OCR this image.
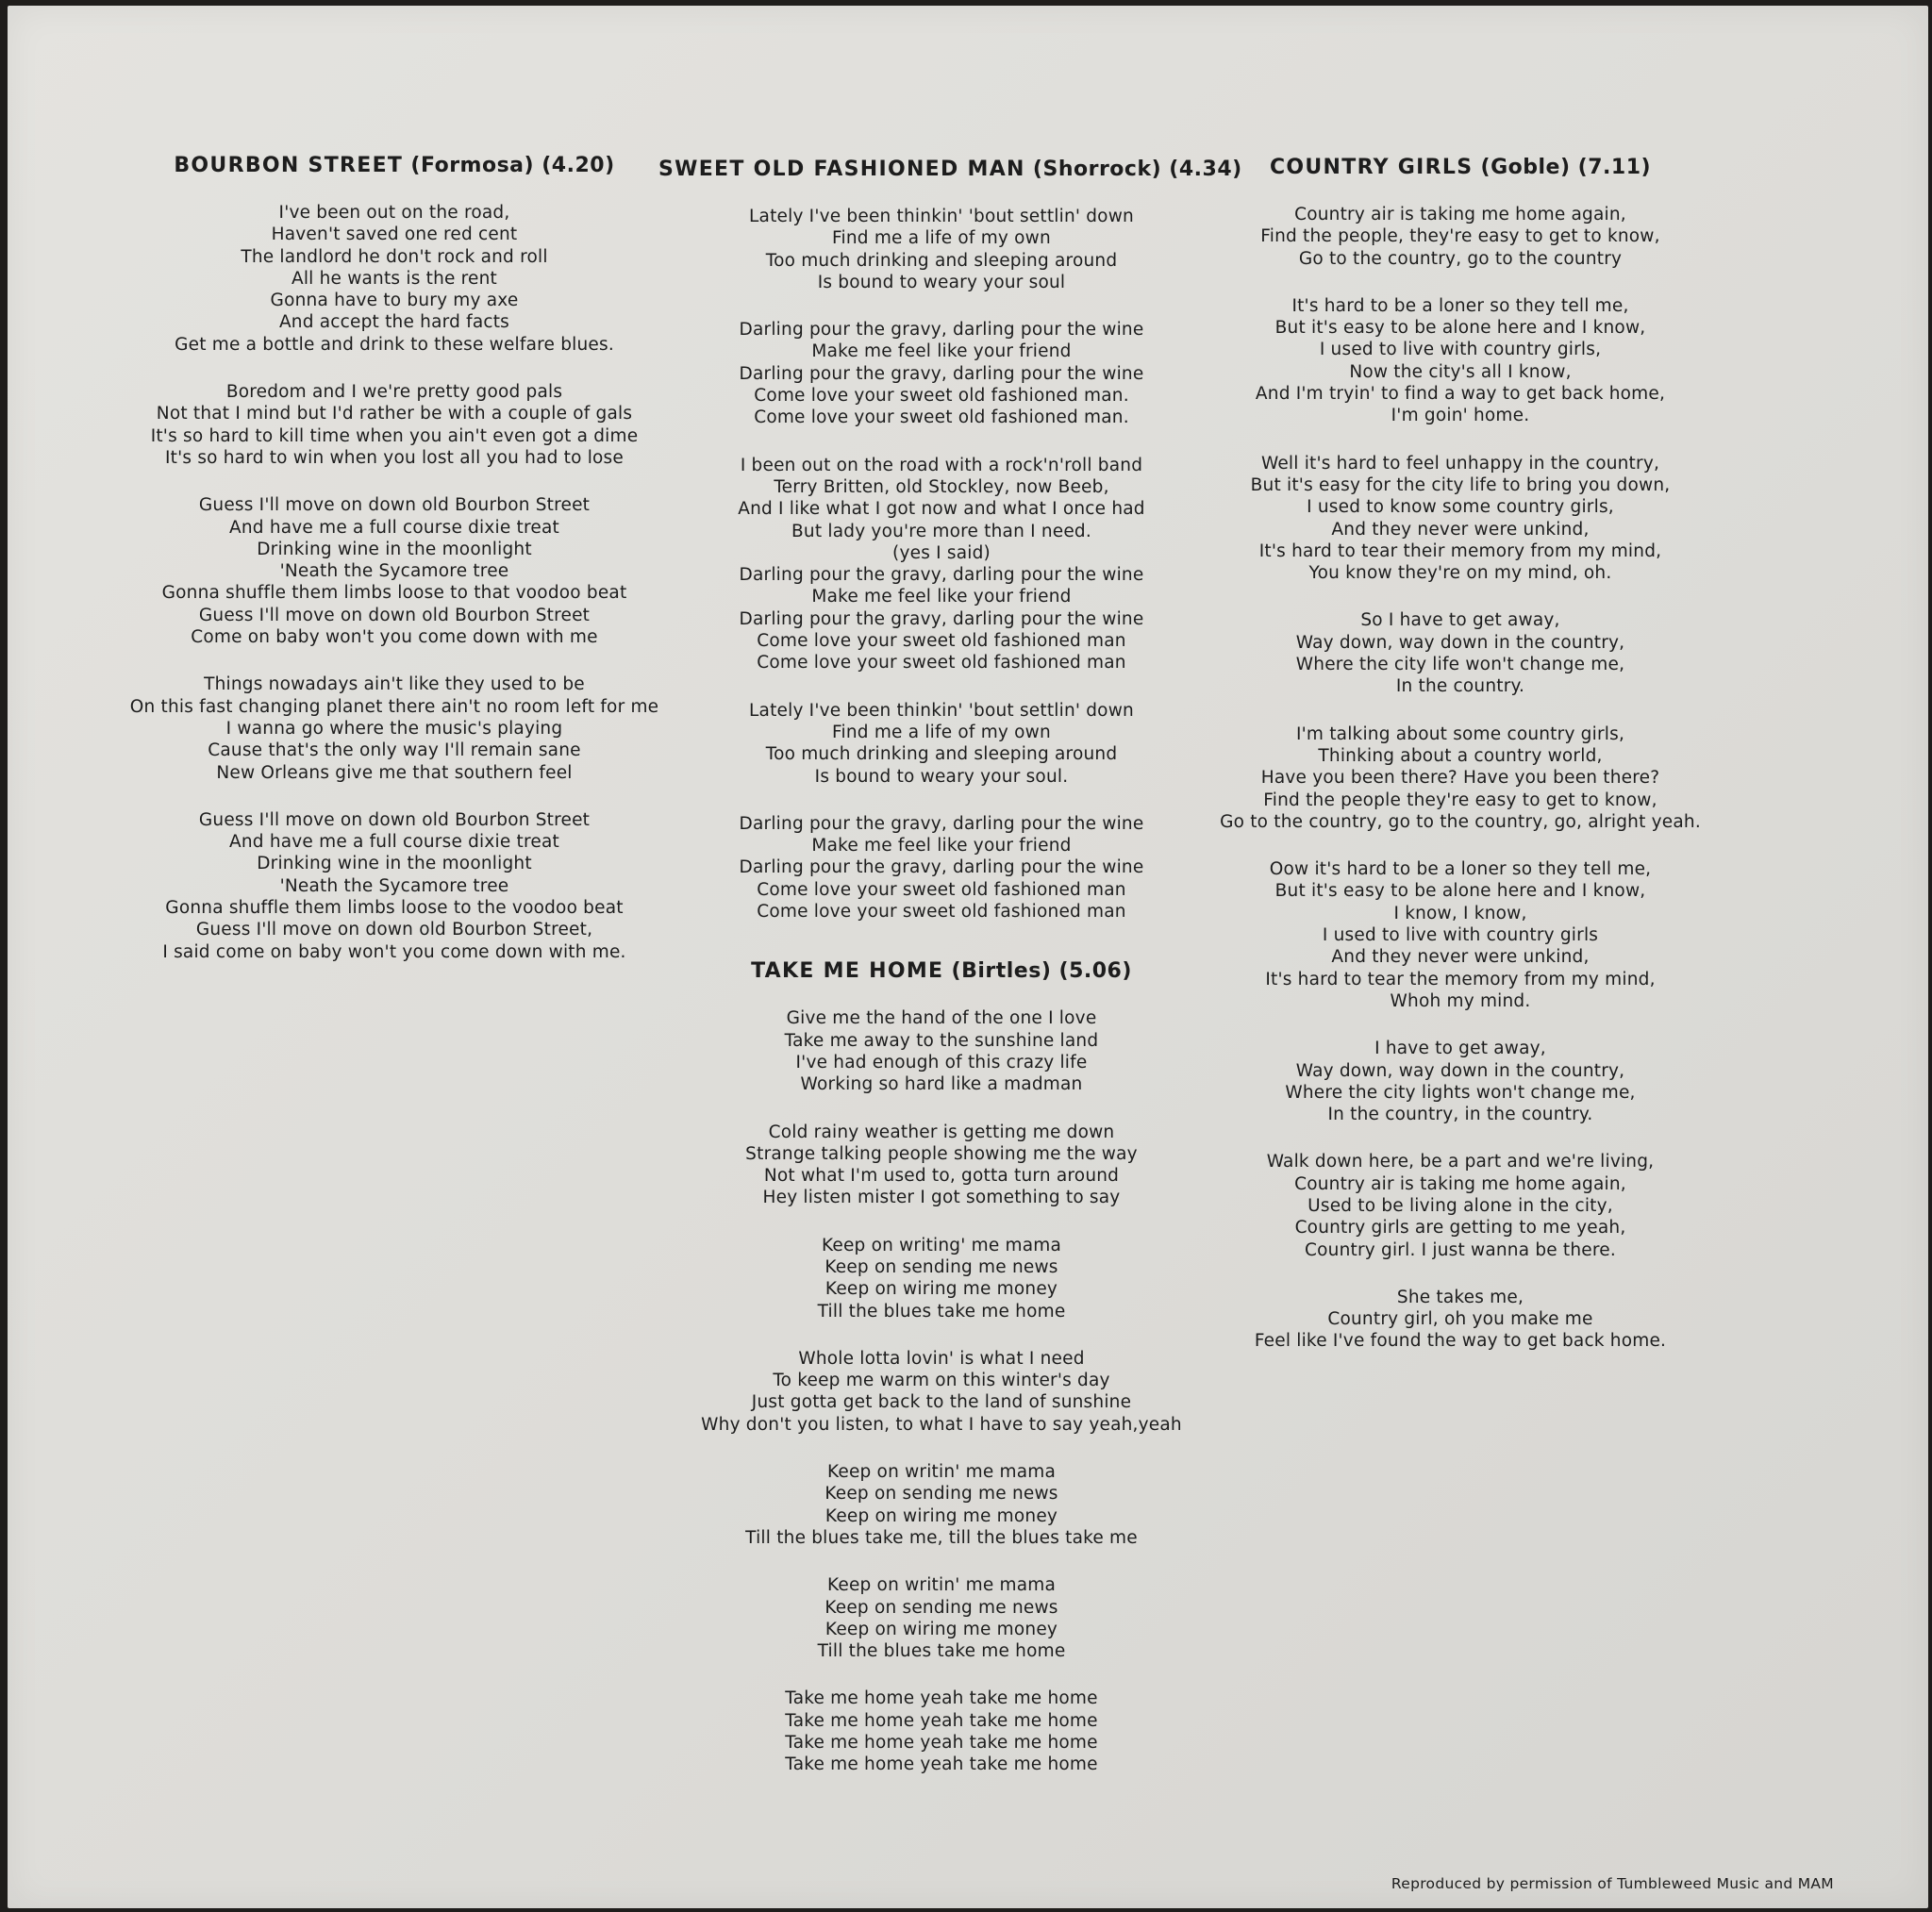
BOURBON STREET (Formosa) (4.20)
I've been out on the road,
Haven't saved one red cent
The landlord he don't rock and roll
All he wants is the rent
Gonna have to bury my axe
And accept the hard facts
Get me a bottle and drink to these welfare blues.
Boredom and I we're pretty good pals
Not that I mind but I'd rather be with a couple of gals
It's so hard to kill time when you ain't even got a dime
It's so hard to win when you lost all you had to lose
Guess I'll move on down old Bourbon Street
And have me a full course dixie treat
Drinking wine in the moonlight
'Neath the Sycamore tree
Gonna shuffle them limbs loose to that voodoo beat
Guess I'll move on down old Bourbon Street
Come on baby won't you come down with me
Things nowadays ain't like they used to be
On this fast changing planet there ain't no room left for me
I wanna go where the music's playing
Cause that's the only way I'll remain sane
New Orleans give me that southern feel
Guess I'll move on down old Bourbon Street
And have me a full course dixie treat
Drinking wine in the moonlight
'Neath the Sycamore tree
Gonna shuffle them limbs loose to the voodoo beat
Guess I'll move on down old Bourbon Street,
I said come on baby won't you come down with me.
SWEET OLD FASHIONED MAN (Shorrock) (4.34)
Lately I've been thinkin' 'bout settlin' down
Find me a life of my own
Too much drinking and sleeping around
Is bound to weary your soul
Darling pour the gravy, darling pour the wine
Make me feel like your friend
Darling pour the gravy, darling pour the wine
Come love your sweet old fashioned man.
Come love your sweet old fashioned man.
I been out on the road with a rock'n'roll band
Terry Britten, old Stockley, now Beeb,
And I like what I got now and what I once had
But lady you're more than I need.
(yes I said)
Darling pour the gravy, darling pour the wine
Make me feel like your friend
Darling pour the gravy, darling pour the wine
Come love your sweet old fashioned man
Come love your sweet old fashioned man
Lately I've been thinkin' 'bout settlin' down
Find me a life of my own
Too much drinking and sleeping around
Is bound to weary your soul.
Darling pour the gravy, darling pour the wine
Make me feel like your friend
Darling pour the gravy, darling pour the wine
Come love your sweet old fashioned man
Come love your sweet old fashioned man
TAKE ME HOME (Birtles) (5.06)
Give me the hand of the one I love
Take me away to the sunshine land
I've had enough of this crazy life
Working so hard like a madman
Cold rainy weather is getting me down
Strange talking people showing me the way
Not what I'm used to, gotta turn around
Hey listen mister I got something to say
Keep on writing' me mama
Keep on sending me news
Keep on wiring me money
Till the blues take me home
Whole lotta lovin' is what I need
To keep me warm on this winter's day
Just gotta get back to the land of sunshine
Why don't you listen, to what I have to say yeah,yeah
Keep on writin' me mama
Keep on sending me news
Keep on wiring me money
Till the blues take me, till the blues take me
Keep on writin' me mama
Keep on sending me news
Keep on wiring me money
Till the blues take me home
Take me home yeah take me home
Take me home yeah take me home
Take me home yeah take me home
Take me home yeah take me home
COUNTRY GIRLS (Goble) (7.11)
Country air is taking me home again,
Find the people, they're easy to get to know,
Go to the country, go to the country
It's hard to be a loner so they tell me,
But it's easy to be alone here and I know,
I used to live with country girls,
Now the city's all I know,
And I'm tryin' to find a way to get back home,
I'm goin' home.
Well it's hard to feel unhappy in the country,
But it's easy for the city life to bring you down,
I used to know some country girls,
And they never were unkind,
It's hard to tear their memory from my mind,
You know they're on my mind, oh.
So I have to get away,
Way down, way down in the country,
Where the city life won't change me,
In the country.
I'm talking about some country girls,
Thinking about a country world,
Have you been there? Have you been there?
Find the people they're easy to get to know,
Go to the country, go to the country, go, alright yeah.
Oow it's hard to be a loner so they tell me,
But it's easy to be alone here and I know,
I know, I know,
I used to live with country girls
And they never were unkind,
It's hard to tear the memory from my mind,
Whoh my mind.
I have to get away,
Way down, way down in the country,
Where the city lights won't change me,
In the country, in the country.
Walk down here, be a part and we're living,
Country air is taking me home again,
Used to be living alone in the city,
Country girls are getting to me yeah,
Country girl. I just wanna be there.
She takes me,
Country girl, oh you make me
Feel like I've found the way to get back home.
Reproduced by permission of Tumbleweed Music and MAM
